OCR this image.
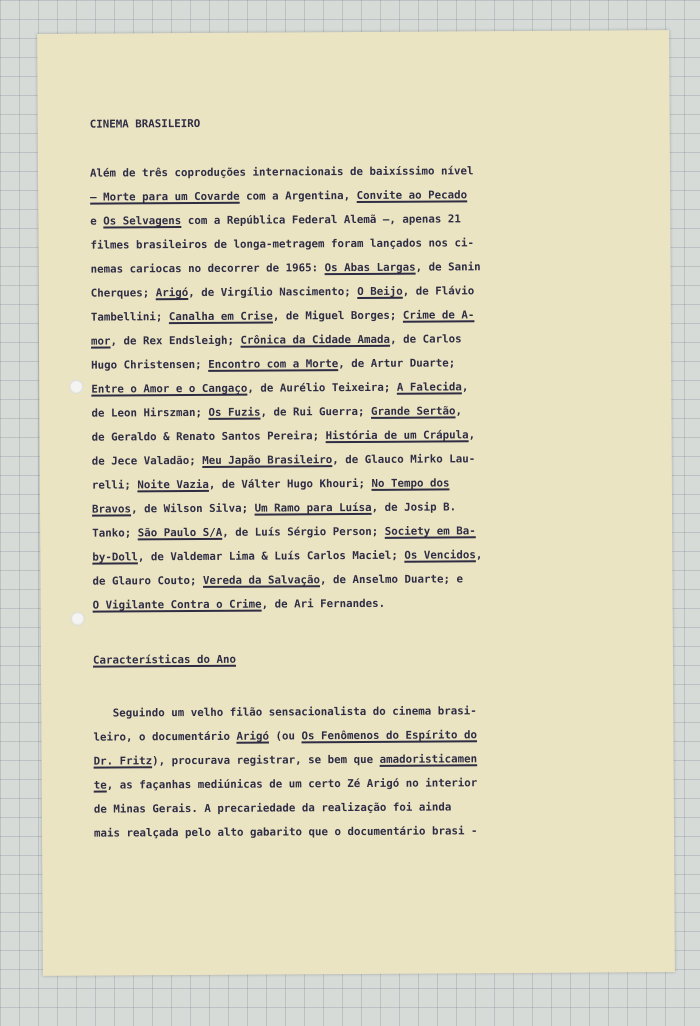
CINEMA BRASILEIRO
Além de três coproduções internacionais de baixíssimo nível
— Morte para um Covarde com a Argentina, Convite ao Pecado
e Os Selvagens com a República Federal Alemã —, apenas 21
filmes brasileiros de longa-metragem foram lançados nos ci-
nemas cariocas no decorrer de 1965: Os Abas Largas, de Sanin
Cherques; Arigó, de Virgílio Nascimento; O Beijo, de Flávio
Tambellini; Canalha em Crise, de Miguel Borges; Crime de A-
mor, de Rex Endsleigh; Crônica da Cidade Amada, de Carlos
Hugo Christensen; Encontro com a Morte, de Artur Duarte;
Entre o Amor e o Cangaço, de Aurélio Teixeira; A Falecida,
de Leon Hirszman; Os Fuzis, de Rui Guerra; Grande Sertão,
de Geraldo & Renato Santos Pereira; História de um Crápula,
de Jece Valadão; Meu Japão Brasileiro, de Glauco Mirko Lau-
relli; Noite Vazia, de Válter Hugo Khouri; No Tempo dos
Bravos, de Wilson Silva; Um Ramo para Luísa, de Josip B.
Tanko; São Paulo S/A, de Luís Sérgio Person; Society em Ba-
by-Doll, de Valdemar Lima & Luís Carlos Maciel; Os Vencidos,
de Glauro Couto; Vereda da Salvação, de Anselmo Duarte; e
O Vigilante Contra o Crime, de Ari Fernandes.
Características do Ano
Seguindo um velho filão sensacionalista do cinema brasi-
leiro, o documentário Arigó (ou Os Fenômenos do Espírito do
Dr. Fritz), procurava registrar, se bem que amadoristicamen
te, as façanhas mediúnicas de um certo Zé Arigó no interior
de Minas Gerais. A precariedade da realização foi ainda
mais realçada pelo alto gabarito que o documentário brasi -
